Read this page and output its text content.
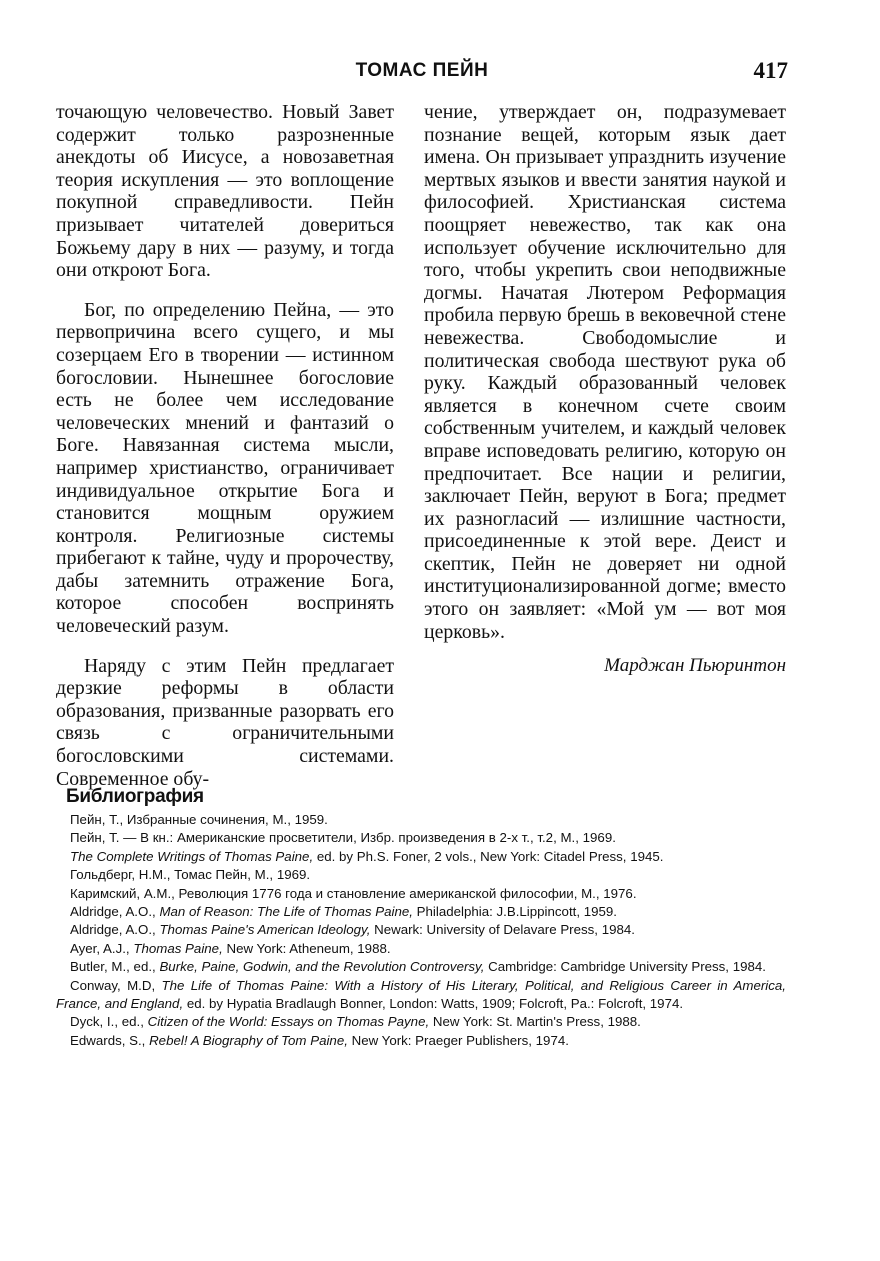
ТОМАС ПЕЙН	417

точающую человечество. Новый Завет содержит только разрозненные анекдоты об Иисусе, а новозаветная теория искупления — это воплощение покупной справедливости. Пейн призывает читателей довериться Божьему дару в них — разуму, и тогда они откроют Бога.

Бог, по определению Пейна, — это первопричина всего сущего, и мы созерцаем Его в творении — истинном богословии. Нынешнее богословие есть не более чем исследование человеческих мнений и фантазий о Боге. Навязанная система мысли, например христианство, ограничивает индивидуальное открытие Бога и становится мощным оружием контроля. Религиозные системы прибегают к тайне, чуду и пророчеству, дабы затемнить отражение Бога, которое способен воспринять человеческий разум.

Наряду с этим Пейн предлагает дерзкие реформы в области образования, призванные разорвать его связь с ограничительными богословскими системами. Современное обу-

чение, утверждает он, подразумевает познание вещей, которым язык дает имена. Он призывает упразднить изучение мертвых языков и ввести занятия наукой и философией. Христианская система поощряет невежество, так как она использует обучение исключительно для того, чтобы укрепить свои неподвижные догмы. Начатая Лютером Реформация пробила первую брешь в вековечной стене невежества. Свободомыслие и политическая свобода шествуют рука об руку. Каждый образованный человек является в конечном счете своим собственным учителем, и каждый человек вправе исповедовать религию, которую он предпочитает. Все нации и религии, заключает Пейн, веруют в Бога; предмет их разногласий — излишние частности, присоединенные к этой вере. Деист и скептик, Пейн не доверяет ни одной институционализированной догме; вместо этого он заявляет: «Мой ум — вот моя церковь».

Марджан Пьюринтон
Библиография
Пейн, Т., Избранные сочинения, М., 1959.
Пейн, Т. — В кн.: Американские просветители, Избр. произведения в 2-х т., т.2, М., 1969.
The Complete Writings of Thomas Paine, ed. by Ph.S. Foner, 2 vols., New York: Citadel Press, 1945.
Гольдберг, Н.М., Томас Пейн, М., 1969.
Каримский, А.М., Революция 1776 года и становление американской философии, М., 1976.
Aldridge, A.O., Man of Reason: The Life of Thomas Paine, Philadelphia: J.B.Lippincott, 1959.
Aldridge, A.O., Thomas Paine's American Ideology, Newark: University of Delavare Press, 1984.
Ayer, A.J., Thomas Paine, New York: Atheneum, 1988.
Butler, M., ed., Burke, Paine, Godwin, and the Revolution Controversy, Cambridge: Cambridge University Press, 1984.
Conway, M.D, The Life of Thomas Paine: With a History of His Literary, Political, and Religious Career in America, France, and England, ed. by Hypatia Bradlaugh Bonner, London: Watts, 1909; Folcroft, Pa.: Folcroft, 1974.
Dyck, I., ed., Citizen of the World: Essays on Thomas Payne, New York: St. Martin's Press, 1988.
Edwards, S., Rebel! A Biography of Tom Paine, New York: Praeger Publishers, 1974.
